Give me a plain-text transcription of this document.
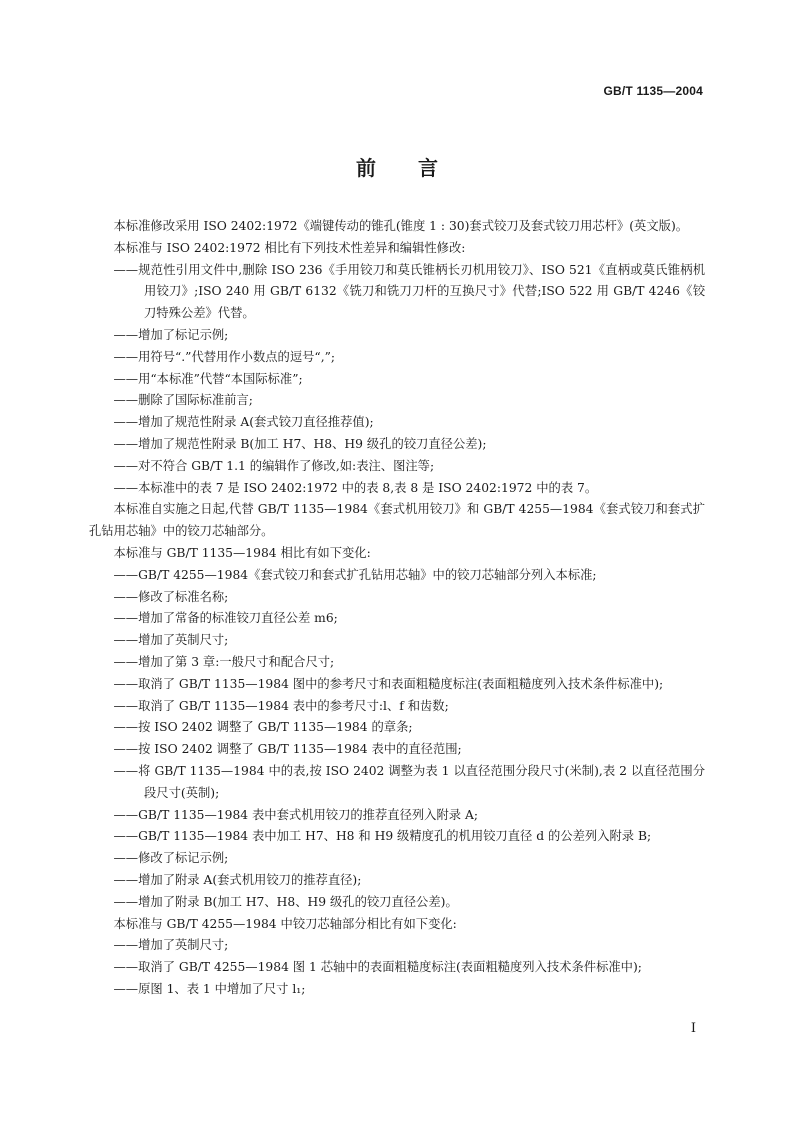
GB/T 1135—2004
前 言

本标准修改采用 ISO 2402:1972《端键传动的锥孔(锥度 1 : 30)套式铰刀及套式铰刀用芯杆》(英文版)。

本标准与 ISO 2402:1972 相比有下列技术性差异和编辑性修改:

——规范性引用文件中,删除 ISO 236《手用铰刀和莫氏锥柄长刃机用铰刀》、ISO 521《直柄或莫氏锥柄机用铰刀》;ISO 240 用 GB/T 6132《铣刀和铣刀刀杆的互换尺寸》代替;ISO 522 用 GB/T 4246《铰刀特殊公差》代替。

——增加了标记示例;

——用符号“.”代替用作小数点的逗号“,”;

——用“本标准”代替“本国际标准”;

——删除了国际标准前言;

——增加了规范性附录 A(套式铰刀直径推荐值);

——增加了规范性附录 B(加工 H7、H8、H9 级孔的铰刀直径公差);

——对不符合 GB/T 1.1 的编辑作了修改,如:表注、图注等;

——本标准中的表 7 是 ISO 2402:1972 中的表 8,表 8 是 ISO 2402:1972 中的表 7。

本标准自实施之日起,代替 GB/T 1135—1984《套式机用铰刀》和 GB/T 4255—1984《套式铰刀和套式扩孔钻用芯轴》中的铰刀芯轴部分。

本标准与 GB/T 1135—1984 相比有如下变化:

——GB/T 4255—1984《套式铰刀和套式扩孔钻用芯轴》中的铰刀芯轴部分列入本标准;

——修改了标准名称;

——增加了常备的标准铰刀直径公差 m6;

——增加了英制尺寸;

——增加了第 3 章:一般尺寸和配合尺寸;

——取消了 GB/T 1135—1984 图中的参考尺寸和表面粗糙度标注(表面粗糙度列入技术条件标准中);

——取消了 GB/T 1135—1984 表中的参考尺寸:l、f 和齿数;

——按 ISO 2402 调整了 GB/T 1135—1984 的章条;

——按 ISO 2402 调整了 GB/T 1135—1984 表中的直径范围;

——将 GB/T 1135—1984 中的表,按 ISO 2402 调整为表 1 以直径范围分段尺寸(米制),表 2 以直径范围分段尺寸(英制);

——GB/T 1135—1984 表中套式机用铰刀的推荐直径列入附录 A;

——GB/T 1135—1984 表中加工 H7、H8 和 H9 级精度孔的机用铰刀直径 d 的公差列入附录 B;

——修改了标记示例;

——增加了附录 A(套式机用铰刀的推荐直径);

——增加了附录 B(加工 H7、H8、H9 级孔的铰刀直径公差)。

本标准与 GB/T 4255—1984 中铰刀芯轴部分相比有如下变化:

——增加了英制尺寸;

——取消了 GB/T 4255—1984 图 1 芯轴中的表面粗糙度标注(表面粗糙度列入技术条件标准中);

——原图 1、表 1 中增加了尺寸 l₁;

I
